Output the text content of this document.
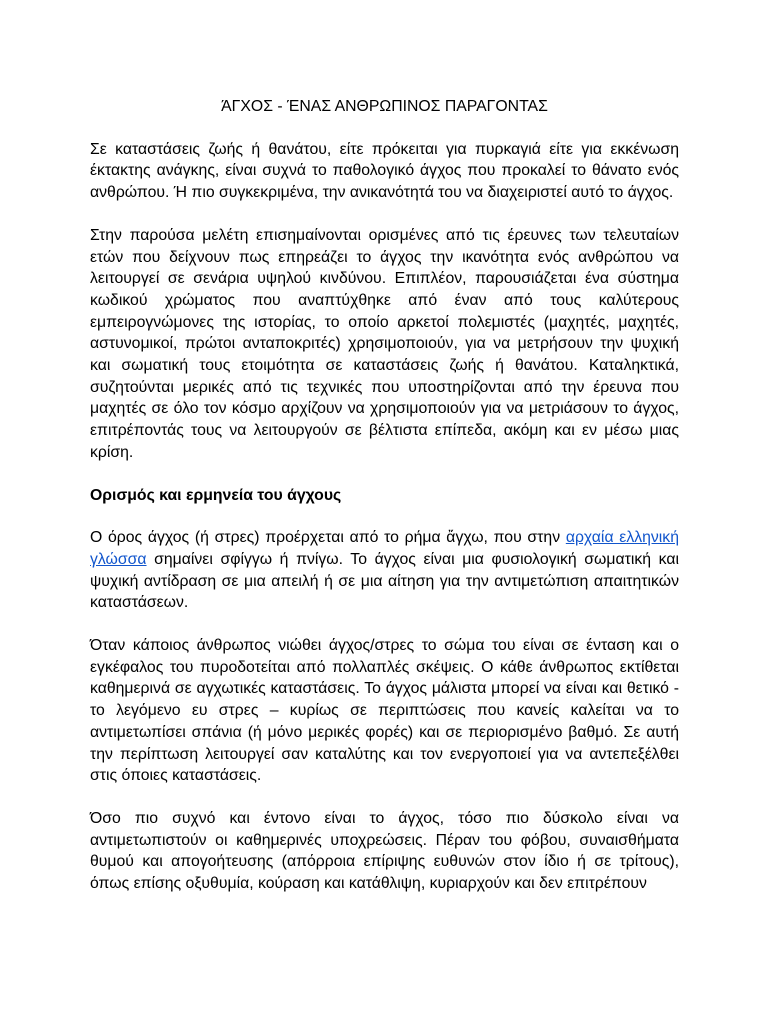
ΆΓΧΟΣ - ΈΝΑΣ ΑΝΘΡΩΠΙΝΟΣ ΠΑΡΑΓΟΝΤΑΣ

Σε καταστάσεις ζωής ή θανάτου, είτε πρόκειται για πυρκαγιά είτε για εκκένωση έκτακτης ανάγκης, είναι συχνά το παθολογικό άγχος που προκαλεί το θάνατο ενός ανθρώπου. Ή πιο συγκεκριμένα, την ανικανότητά του να διαχειριστεί αυτό το άγχος.

Στην παρούσα μελέτη επισημαίνονται ορισμένες από τις έρευνες των τελευταίων ετών που δείχνουν πως επηρεάζει το άγχος την ικανότητα ενός ανθρώπου να λειτουργεί σε σενάρια υψηλού κινδύνου. Επιπλέον, παρουσιάζεται ένα σύστημα κωδικού χρώματος που αναπτύχθηκε από έναν από τους καλύτερους εμπειρογνώμονες της ιστορίας, το οποίο αρκετοί πολεμιστές (μαχητές, μαχητές, αστυνομικοί, πρώτοι ανταποκριτές) χρησιμοποιούν, για να μετρήσουν την ψυχική και σωματική τους ετοιμότητα σε καταστάσεις ζωής ή θανάτου. Καταληκτικά, συζητούνται μερικές από τις τεχνικές που υποστηρίζονται από την έρευνα που μαχητές σε όλο τον κόσμο αρχίζουν να χρησιμοποιούν για να μετριάσουν το άγχος, επιτρέποντάς τους να λειτουργούν σε βέλτιστα επίπεδα, ακόμη και εν μέσω μιας κρίση.

Ορισμός και ερμηνεία του άγχους

Ο όρος άγχος (ή στρες) προέρχεται από το ρήμα ἄγχω, που στην αρχαία ελληνική γλώσσα σημαίνει σφίγγω ή πνίγω. Το άγχος είναι μια φυσιολογική σωματική και ψυχική αντίδραση σε μια απειλή ή σε μια αίτηση για την αντιμετώπιση απαιτητικών καταστάσεων.

Όταν κάποιος άνθρωπος νιώθει άγχος/στρες το σώμα του είναι σε ένταση και ο εγκέφαλος του πυροδοτείται από πολλαπλές σκέψεις. Ο κάθε άνθρωπος εκτίθεται καθημερινά σε αγχωτικές καταστάσεις. Το άγχος μάλιστα μπορεί να είναι και θετικό - το λεγόμενο ευ στρες – κυρίως σε περιπτώσεις που κανείς καλείται να το αντιμετωπίσει σπάνια (ή μόνο μερικές φορές) και σε περιορισμένο βαθμό. Σε αυτή την περίπτωση λειτουργεί σαν καταλύτης και τον ενεργοποιεί για να αντεπεξέλθει στις όποιες καταστάσεις.

Όσο πιο συχνό και έντονο είναι το άγχος, τόσο πιο δύσκολο είναι να αντιμετωπιστούν οι καθημερινές υποχρεώσεις. Πέραν του φόβου, συναισθήματα θυμού και απογοήτευσης (απόρροια επίριψης ευθυνών στον ίδιο ή σε τρίτους), όπως επίσης οξυθυμία, κούραση και κατάθλιψη, κυριαρχούν και δεν επιτρέπουν
